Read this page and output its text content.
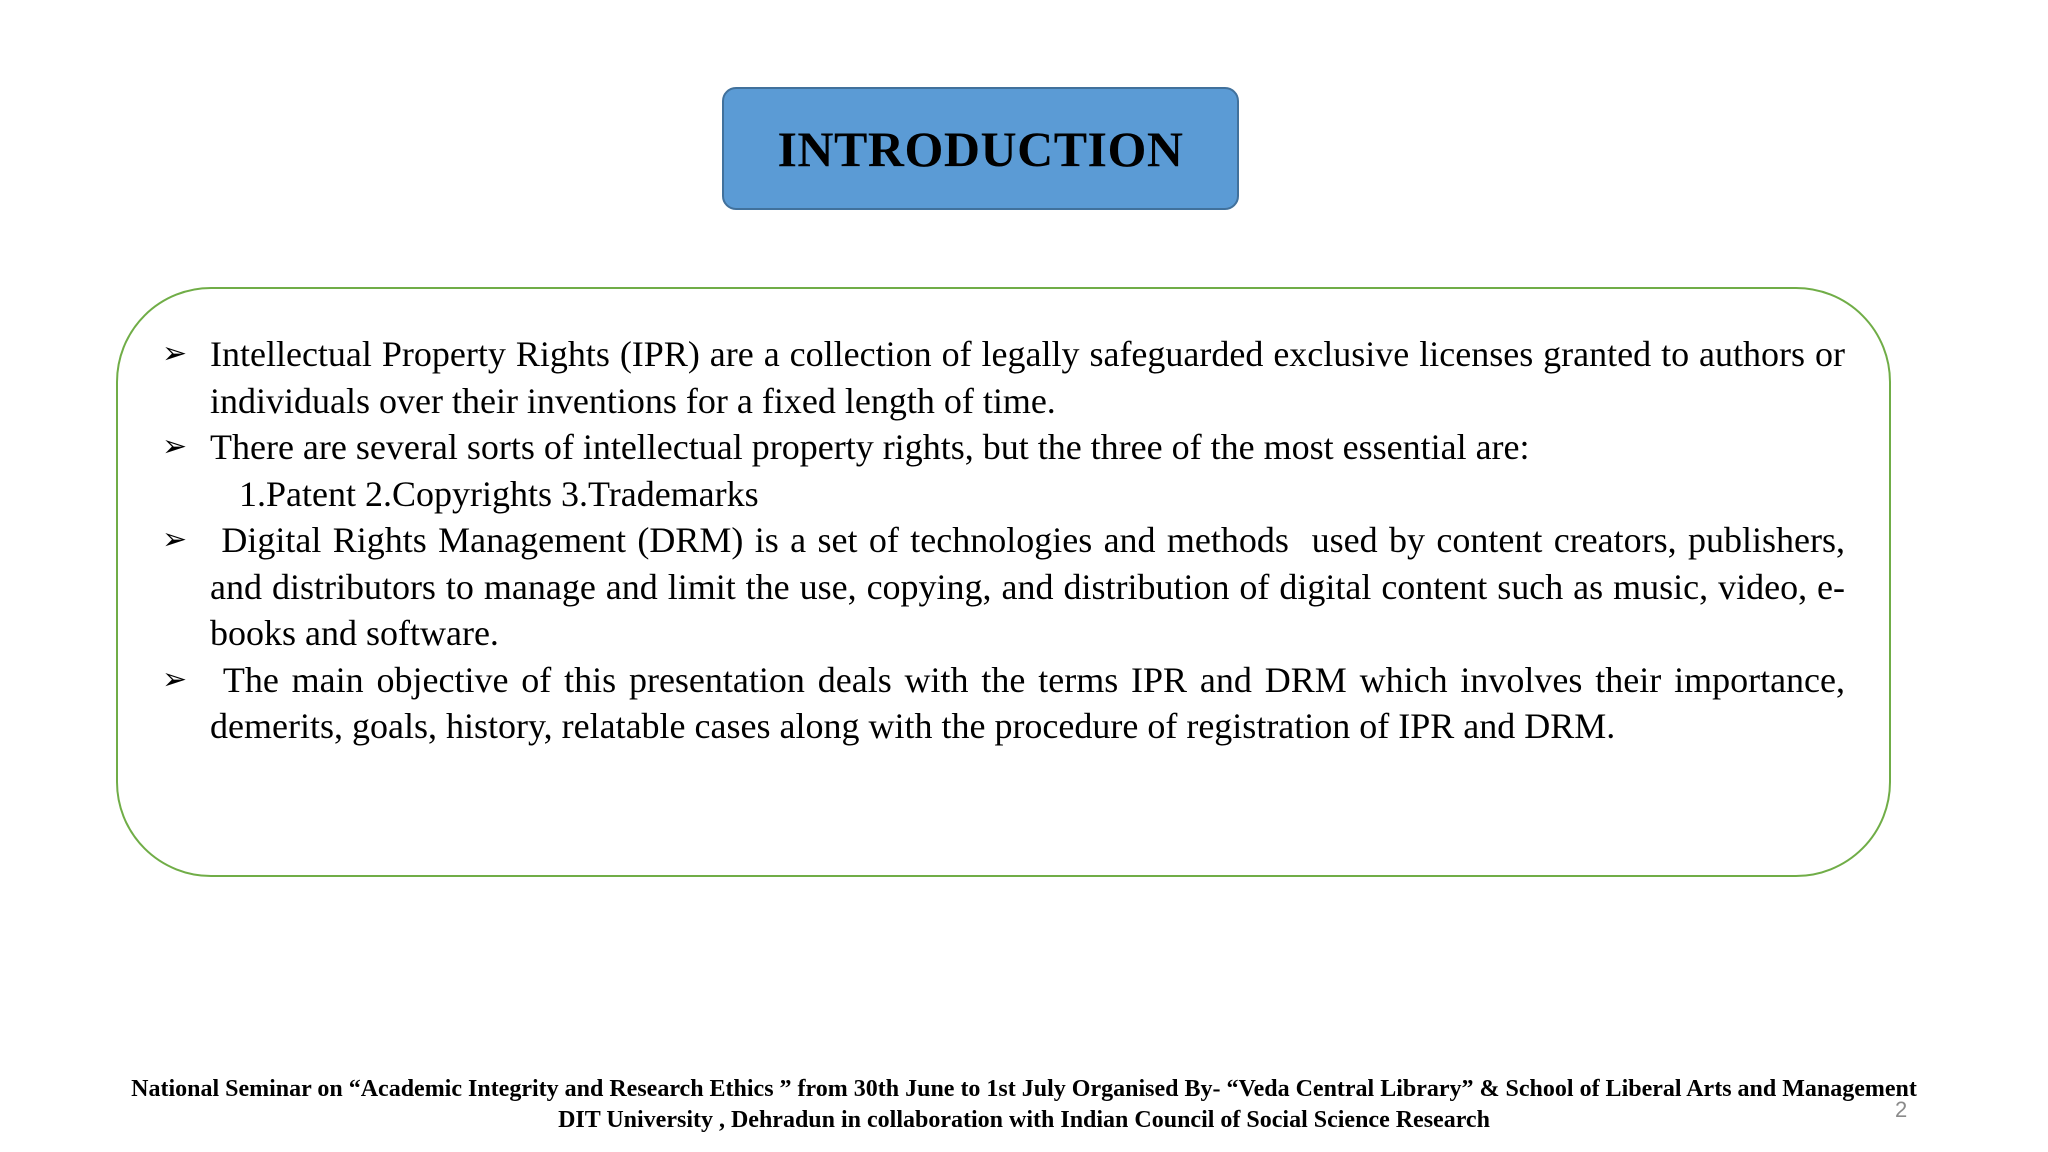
INTRODUCTION
➢ Intellectual Property Rights (IPR) are a collection of legally safeguarded exclusive licenses granted to authors or individuals over their inventions for a fixed length of time.
➢ There are several sorts of intellectual property rights, but the three of the most essential are:
1.Patent 2.Copyrights 3.Trademarks
➢ Digital Rights Management (DRM) is a set of technologies and methods  used by content creators, publishers, and distributors to manage and limit the use, copying, and distribution of digital content such as music, video, e-books and software.
➢ The main objective of this presentation deals with the terms IPR and DRM which involves their importance, demerits, goals, history, relatable cases along with the procedure of registration of IPR and DRM.
National Seminar on “Academic Integrity and Research Ethics ” from 30th June to 1st July Organised By- “Veda Central Library” & School of Liberal Arts and Management
DIT University , Dehradun in collaboration with Indian Council of Social Science Research	2
